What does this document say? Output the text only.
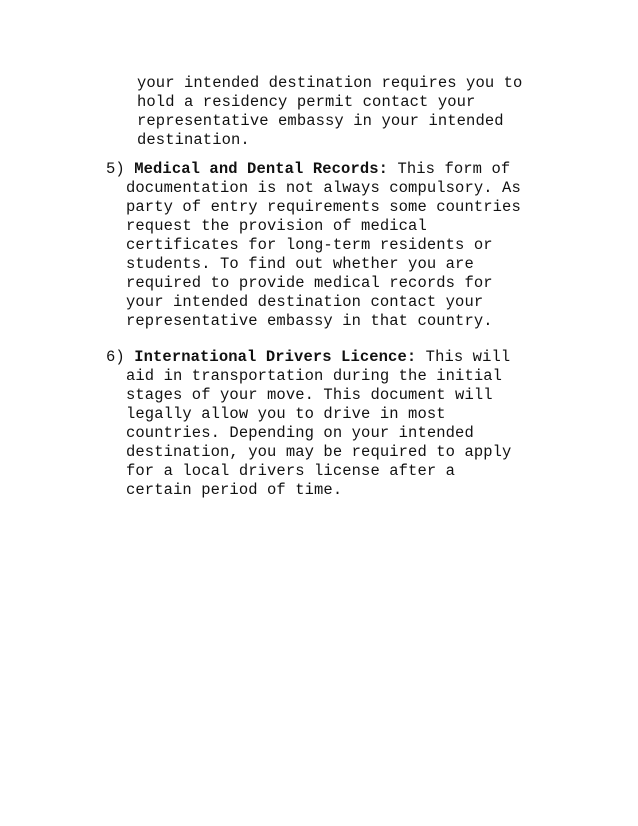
your intended destination requires you to
hold a residency permit contact your
representative embassy in your intended
destination.
5) Medical and Dental Records: This form of
documentation is not always compulsory. As
party of entry requirements some countries
request the provision of medical
certificates for long-term residents or
students. To find out whether you are
required to provide medical records for
your intended destination contact your
representative embassy in that country.
6) International Drivers Licence: This will
aid in transportation during the initial
stages of your move. This document will
legally allow you to drive in most
countries. Depending on your intended
destination, you may be required to apply
for a local drivers license after a
certain period of time.
